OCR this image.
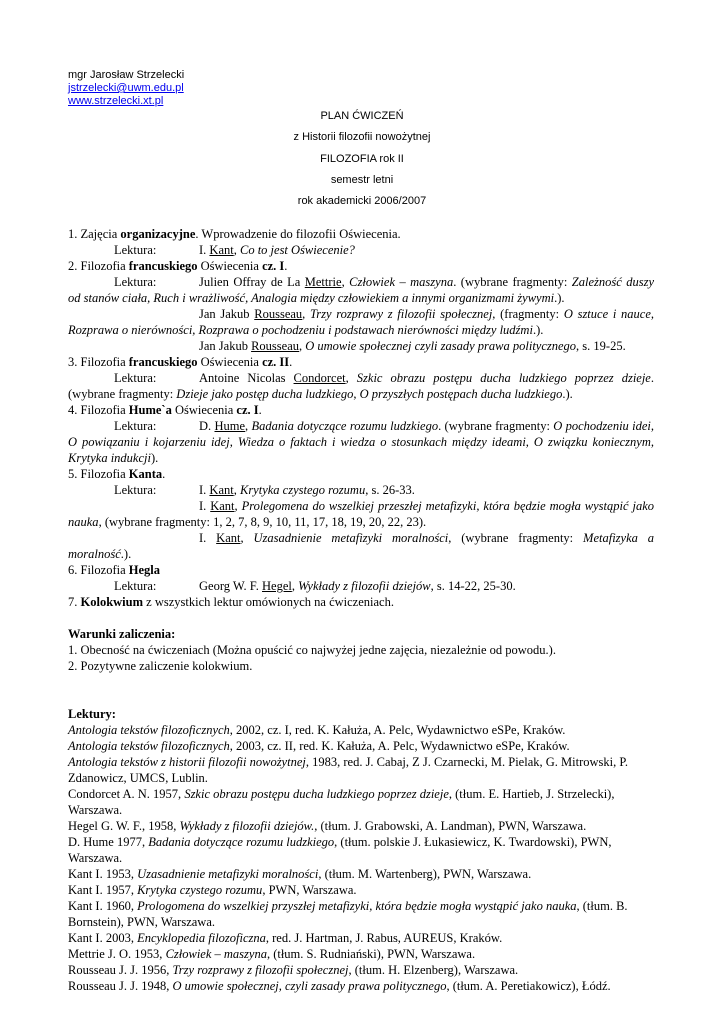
mgr Jarosław Strzelecki
jstrzelecki@uwm.edu.pl
www.strzelecki.xt.pl
PLAN ĆWICZEŃ
z Historii filozofii nowożytnej
FILOZOFIA rok II
semestr letni
rok akademicki 2006/2007
1. Zajęcia organizacyjne. Wprowadzenie do filozofii Oświecenia.
Lektura:	I. Kant, Co to jest Oświecenie?
2. Filozofia francuskiego Oświecenia cz. I.
Lektura:	Julien Offray de La Mettrie, Człowiek – maszyna. (wybrane fragmenty: Zależność duszy od stanów ciała, Ruch i wrażliwość, Analogia między człowiekiem a innymi organizmami żywymi.).
Jan Jakub Rousseau, Trzy rozprawy z filozofii społecznej, (fragmenty: O sztuce i nauce, Rozprawa o nierówności, Rozprawa o pochodzeniu i podstawach nierówności między ludźmi.).
Jan Jakub Rousseau, O umowie społecznej czyli zasady prawa politycznego, s. 19-25.
3. Filozofia francuskiego Oświecenia cz. II.
Lektura:	Antoine Nicolas Condorcet, Szkic obrazu postępu ducha ludzkiego poprzez dzieje. (wybrane fragmenty: Dzieje jako postęp ducha ludzkiego, O przyszłych postępach ducha ludzkiego.).
4. Filozofia Hume`a Oświecenia cz. I.
Lektura:	D. Hume, Badania dotyczące rozumu ludzkiego. (wybrane fragmenty: O pochodzeniu idei, O powiązaniu i kojarzeniu idej, Wiedza o faktach i wiedza o stosunkach między ideami, O związku koniecznym, Krytyka indukcji).
5. Filozofia Kanta.
Lektura:	I. Kant, Krytyka czystego rozumu, s. 26-33.
I. Kant, Prolegomena do wszelkiej przeszłej metafizyki, która będzie mogła wystąpić jako nauka, (wybrane fragmenty: 1, 2, 7, 8, 9, 10, 11, 17, 18, 19, 20, 22, 23).
I. Kant, Uzasadnienie metafizyki moralności, (wybrane fragmenty: Metafizyka a moralność.).
6. Filozofia Hegla
Lektura:	Georg W. F. Hegel, Wykłady z filozofii dziejów, s. 14-22, 25-30.
7. Kolokwium z wszystkich lektur omówionych na ćwiczeniach.
Warunki zaliczenia:
1. Obecność na ćwiczeniach (Można opuścić co najwyżej jedne zajęcia, niezależnie od powodu.).
2. Pozytywne zaliczenie kolokwium.
Lektury:
Antologia tekstów filozoficznych, 2002, cz. I, red. K. Kałuża, A. Pelc, Wydawnictwo eSPe, Kraków.
Antologia tekstów filozoficznych, 2003, cz. II, red. K. Kałuża, A. Pelc, Wydawnictwo eSPe, Kraków.
Antologia tekstów z historii filozofii nowożytnej, 1983, red. J. Cabaj, Z J. Czarnecki, M. Pielak, G. Mitrowski, P. Zdanowicz, UMCS, Lublin.
Condorcet A. N. 1957, Szkic obrazu postępu ducha ludzkiego poprzez dzieje, (tłum. E. Hartieb, J. Strzelecki), Warszawa.
Hegel G. W. F., 1958, Wykłady z filozofii dziejów., (tłum. J. Grabowski, A. Landman), PWN, Warszawa.
D. Hume 1977, Badania dotyczące rozumu ludzkiego, (tłum. polskie J. Łukasiewicz, K. Twardowski), PWN, Warszawa.
Kant I. 1953, Uzasadnienie metafizyki moralności, (tłum. M. Wartenberg), PWN, Warszawa.
Kant I. 1957, Krytyka czystego rozumu, PWN, Warszawa.
Kant I. 1960, Prologomena do wszelkiej przyszłej metafizyki, która będzie mogła wystąpić jako nauka, (tłum. B. Bornstein), PWN, Warszawa.
Kant I. 2003, Encyklopedia filozoficzna, red. J. Hartman, J. Rabus, AUREUS, Kraków.
Mettrie J. O. 1953, Człowiek – maszyna, (tłum. S. Rudniański), PWN, Warszawa.
Rousseau J. J. 1956, Trzy rozprawy z filozofii społecznej, (tłum. H. Elzenberg), Warszawa.
Rousseau J. J. 1948, O umowie społecznej, czyli zasady prawa politycznego, (tłum. A. Peretiakowicz), Łódź.
